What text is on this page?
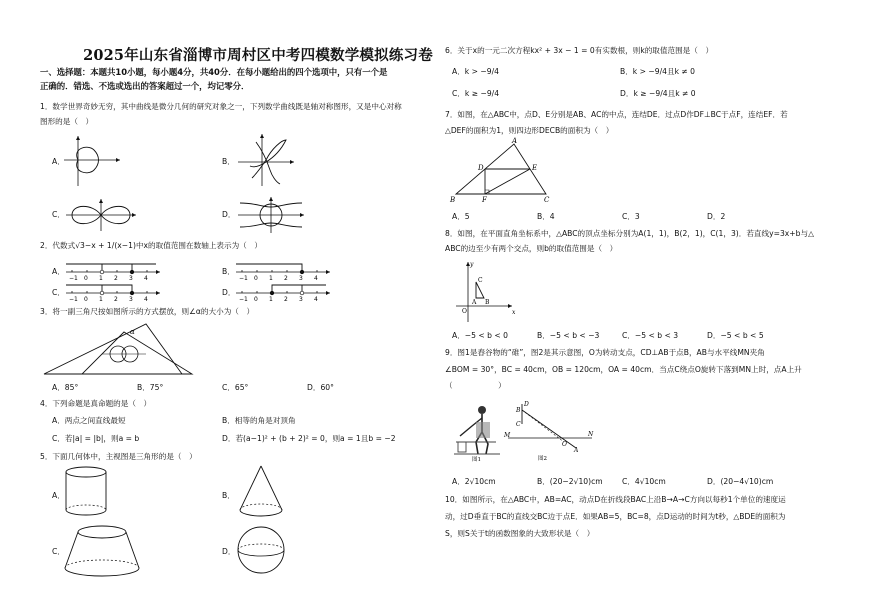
2025年山东省淄博市周村区中考四模数学模拟练习卷
一、选择题：本题共10小题，每小题4分，共40分．在每小题给出的四个选项中，只有一个是
正确的．错选、不选或选出的答案超过一个，均记零分．
1．数学世界奇妙无穷，其中曲线是微分几何的研究对象之一，下列数学曲线既是轴对称图形，又是中心对称
图形的是（　）
A．	B．
C．	D．
2．代数式√3−x + 1/(x−1)中x的取值范围在数轴上表示为（　）
A．	B．
C．	D．
−1 0 1 2 3 4	−1 0 1 2 3 4
−1 0 1 2 3 4	−1 0 1 2 3 4
3．将一副三角尺按如图所示的方式摆放，则∠α的大小为（　）
α
A．85°	B．75°	C．65°	D．60°
4．下列命题是真命题的是（　）
A．两点之间直线最短	B．相等的角是对顶角
C．若|a| = |b|，则a = b	D．若(a−1)² + (b + 2)² = 0，则a = 1且b = −2
5．下面几何体中，主视图是三角形的是（　）
A．	B．
C．	D．
6．关于x的一元二次方程kx² + 3x − 1 = 0有实数根，则k的取值范围是（　）
A．k > −9/4	B．k > −9/4且k ≠ 0
C．k ≥ −9/4	D．k ≥ −9/4且k ≠ 0
7．如图，在△ABC中，点D、E分别是AB、AC的中点，连结DE．过点D作DF⊥BC于点F，连结EF．若
△DEF的面积为1，则四边形DECB的面积为（　）
A
B	C
D	E
F
A．5	B．4	C．3	D．2
8．如图，在平面直角坐标系中，△ABC的顶点坐标分别为A(1，1)，B(2，1)，C(1，3)．若直线y=3x+b与△
ABC的边至少有两个交点，则b的取值范围是（　）
x
y
O
A B
C
A．−5 < b < 0	B．−5 < b < −3	C．−5 < b < 3	D．−5 < b < 5
9．图1是舂谷物的“碓”，图2是其示意图，O为转动支点，CD⊥AB于点B，AB与水平线MN夹角
∠BOM = 30°，BC = 40cm，OB = 120cm，OA = 40cm．当点C绕点O旋转下落到MN上时，点A上升
（　　　　　　）
图1
D
B
C
M
O
N
A
图2
A．2√10cm	B．(20−2√10)cm	C．4√10cm	D．(20−4√10)cm
10．如图所示，在△ABC中，AB=AC，动点D在折线段BAC上沿B→A→C方向以每秒1个单位的速度运
动，过D垂直于BC的直线交BC边于点E．如果AB=5，BC=8，点D运动的时间为t秒，△BDE的面积为
S，则S关于t的函数图象的大致形状是（　）
